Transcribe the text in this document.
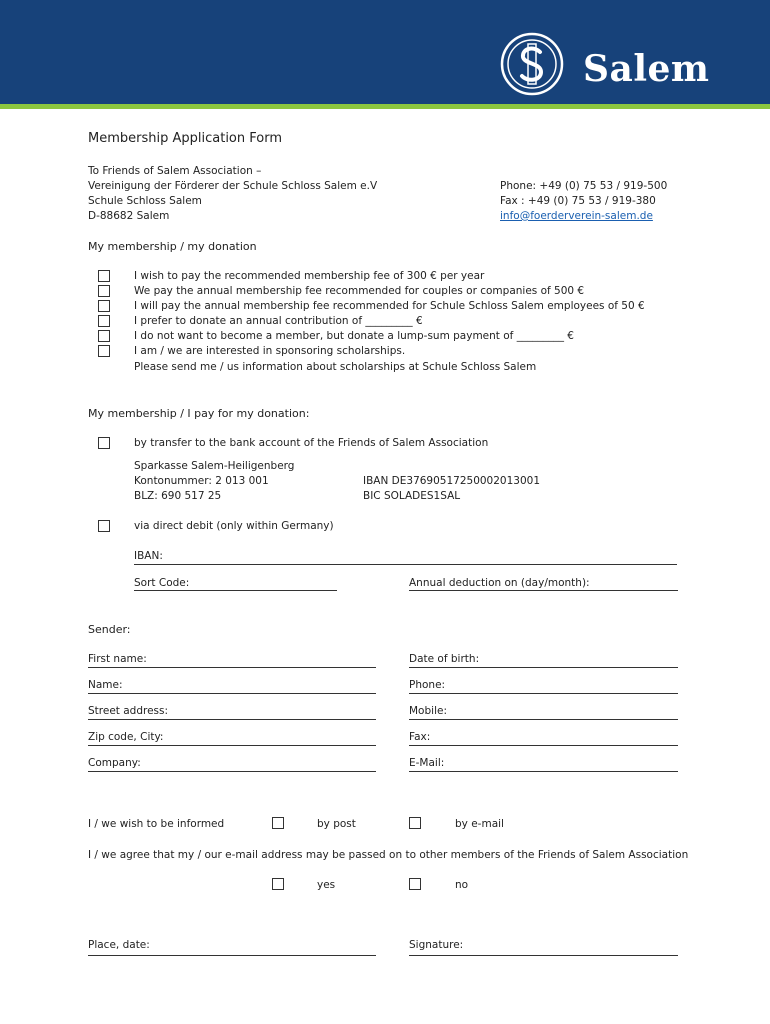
Salem
Membership Application Form
To Friends of Salem Association –
Vereinigung der Förderer der Schule Schloss Salem e.V
Schule Schloss Salem
D-88682 Salem
Phone: +49 (0) 75 53 / 919-500
Fax : +49 (0) 75 53 / 919-380
info@foerderverein-salem.de
My membership / my donation
I wish to pay the recommended membership fee of 300 € per year
We pay the annual membership fee recommended for couples or companies of 500 €
I will pay the annual membership fee recommended for Schule Schloss Salem employees of 50 €
I prefer to donate an annual contribution of _________ €
I do not want to become a member, but donate a lump-sum payment of _________ €
I am / we are interested in sponsoring scholarships.
Please send me / us information about scholarships at Schule Schloss Salem
My membership / I pay for my donation:
by transfer to the bank account of the Friends of Salem Association
Sparkasse Salem-Heiligenberg
Kontonummer: 2 013 001
BLZ: 690 517 25
IBAN DE37690517250002013001
BIC SOLADES1SAL
via direct debit (only within Germany)
IBAN:
Sort Code:	Annual deduction on (day/month):
Sender:
First name:	Date of birth:
Name:	Phone:
Street address:	Mobile:
Zip code, City:	Fax:
Company:	E-Mail:
I / we wish to be informed	by post	by e-mail
I / we agree that my / our e-mail address may be passed on to other members of the Friends of Salem Association
yes	no
Place, date:	Signature:
